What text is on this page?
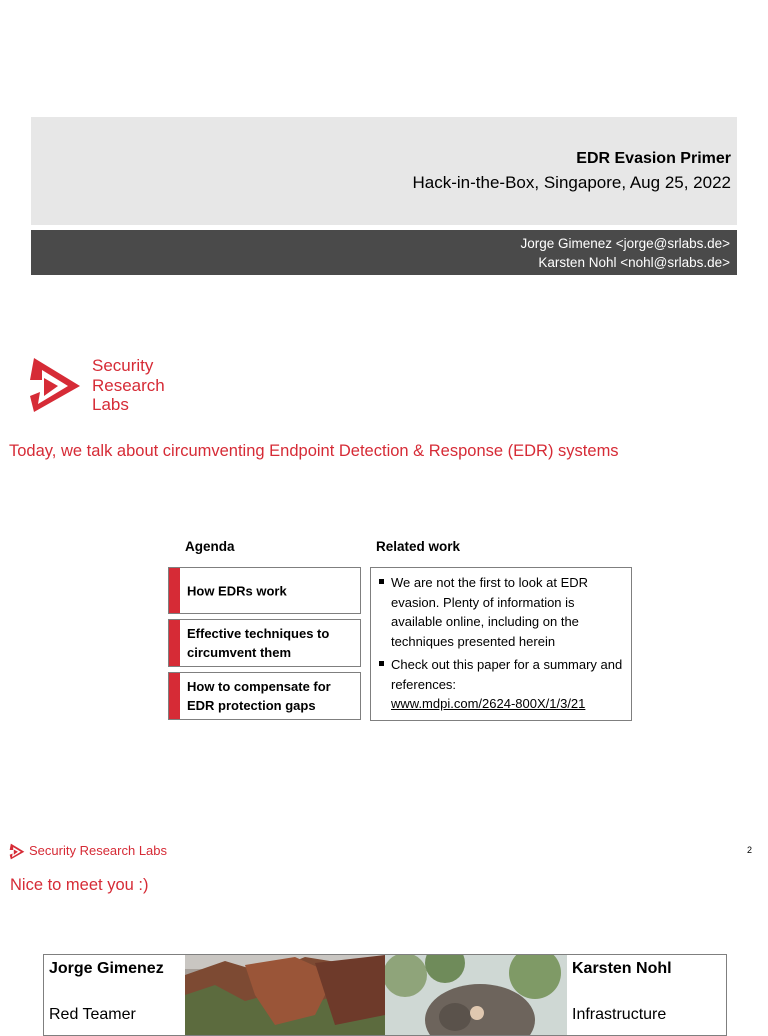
EDR Evasion Primer
Hack-in-the-Box, Singapore, Aug 25, 2022
Jorge Gimenez <jorge@srlabs.de>
Karsten Nohl <nohl@srlabs.de>
Security
Research
Labs
Today, we talk about circumventing Endpoint Detection & Response (EDR) systems
Agenda	Related work
How EDRs work
Effective techniques to circumvent them
How to compensate for EDR protection gaps
We are not the first to look at EDR evasion. Plenty of information is available online, including on the techniques presented herein
Check out this paper for a summary and references:
www.mdpi.com/2624-800X/1/3/21
Security Research Labs	2
Nice to meet you :)
Jorge Gimenez
Red Teamer
Karsten Nohl
Infrastructure
